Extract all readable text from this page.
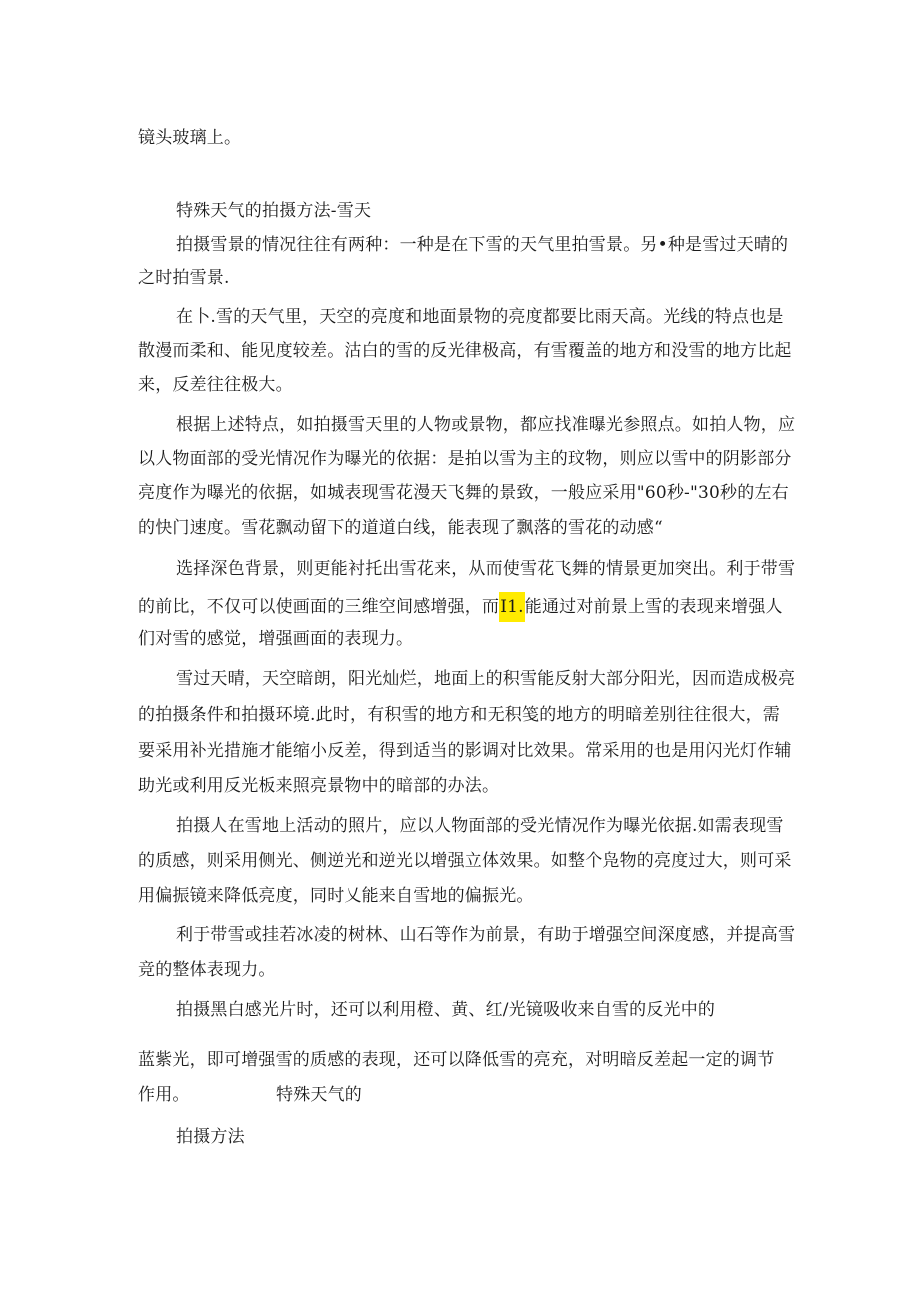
镜头玻璃上。
特殊天气的拍摄方法-雪天
拍摄雪景的情况往往有两种：一种是在下雪的天气里拍雪景。另•种是雪过天晴的
之时拍雪景.
在卜.雪的天气里，天空的亮度和地面景物的亮度都要比雨天高。光线的特点也是
散漫而柔和、能见度较差。沽白的雪的反光律极高，有雪覆盖的地方和没雪的地方比起
来，反差往往极大。
根据上述特点，如拍摄雪天里的人物或景物，都应找准曝光参照点。如拍人物，应
以人物面部的受光情况作为曝光的依据：是拍以雪为主的玟物，则应以雪中的阴影部分
亮度作为曝光的依据，如城表现雪花漫天飞舞的景致，一般应采用"60秒-"30秒的左右
的快门速度。雪花飘动留下的道道白线，能表现了飘落的雪花的动感“
选择深色背景，则更能衬托出雪花来，从而使雪花飞舞的情景更加突出。利于带雪
的前比，不仅可以使画面的三维空间感增强，而I1.能通过对前景上雪的表现来增强人
们对雪的感觉，增强画面的表现力。
雪过天晴，天空暗朗，阳光灿烂，地面上的积雪能反射大部分阳光，因而造成极亮
的拍摄条件和拍摄环境.此时，有积雪的地方和无积笺的地方的明暗差别往往很大，需
要采用补光措施才能缩小反差，得到适当的影调对比效果。常采用的也是用闪光灯作辅
助光或利用反光板来照亮景物中的暗部的办法。
拍摄人在雪地上活动的照片，应以人物面部的受光情况作为曝光依据.如需表现雪
的质感，则采用侧光、侧逆光和逆光以增强立体效果。如整个凫物的亮度过大，则可采
用偏振镜来降低亮度，同时乂能来自雪地的偏振光。
利于带雪或挂若冰凌的树林、山石等作为前景，有助于增强空间深度感，并提高雪
竞的整体表现力。
拍摄黑白感光片时，还可以利用橙、黄、红/光镜吸收来自雪的反光中的
蓝紫光，即可增强雪的质感的表现，还可以降低雪的亮充，对明暗反差起一定的调节
作用。	特殊天气的
拍摄方法
